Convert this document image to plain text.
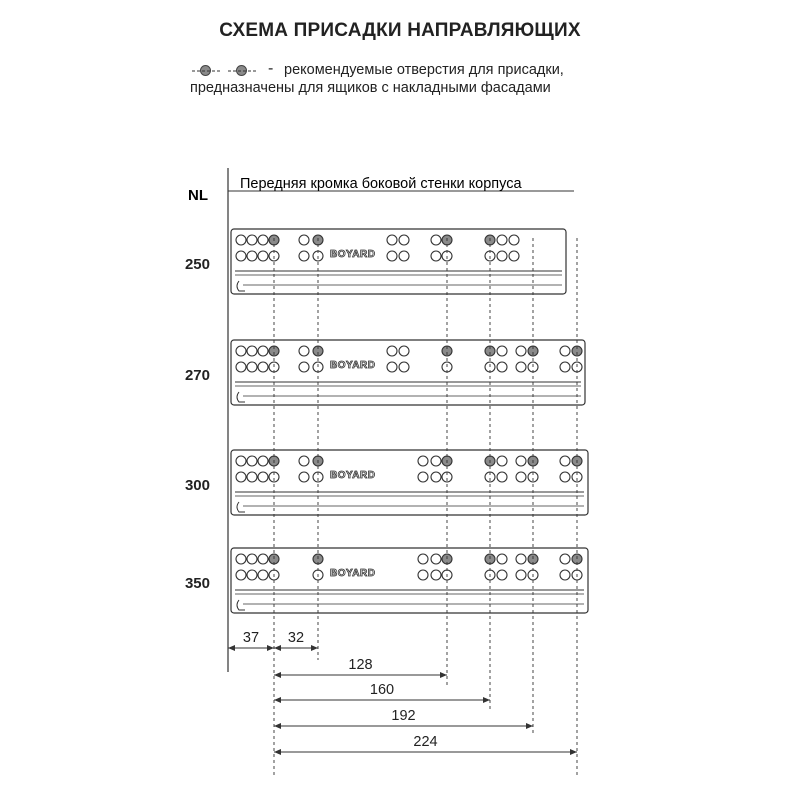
СХЕМА ПРИСАДКИ НАПРАВЛЯЮЩИХ
- рекомендуемые отверстия для присадки,
предназначены для ящиков с накладными фасадами
BOYARD
250
BOYARD
270
BOYARD
300
BOYARD
350
37 32
128
160
192
224
NL
Передняя кромка боковой стенки корпуса
